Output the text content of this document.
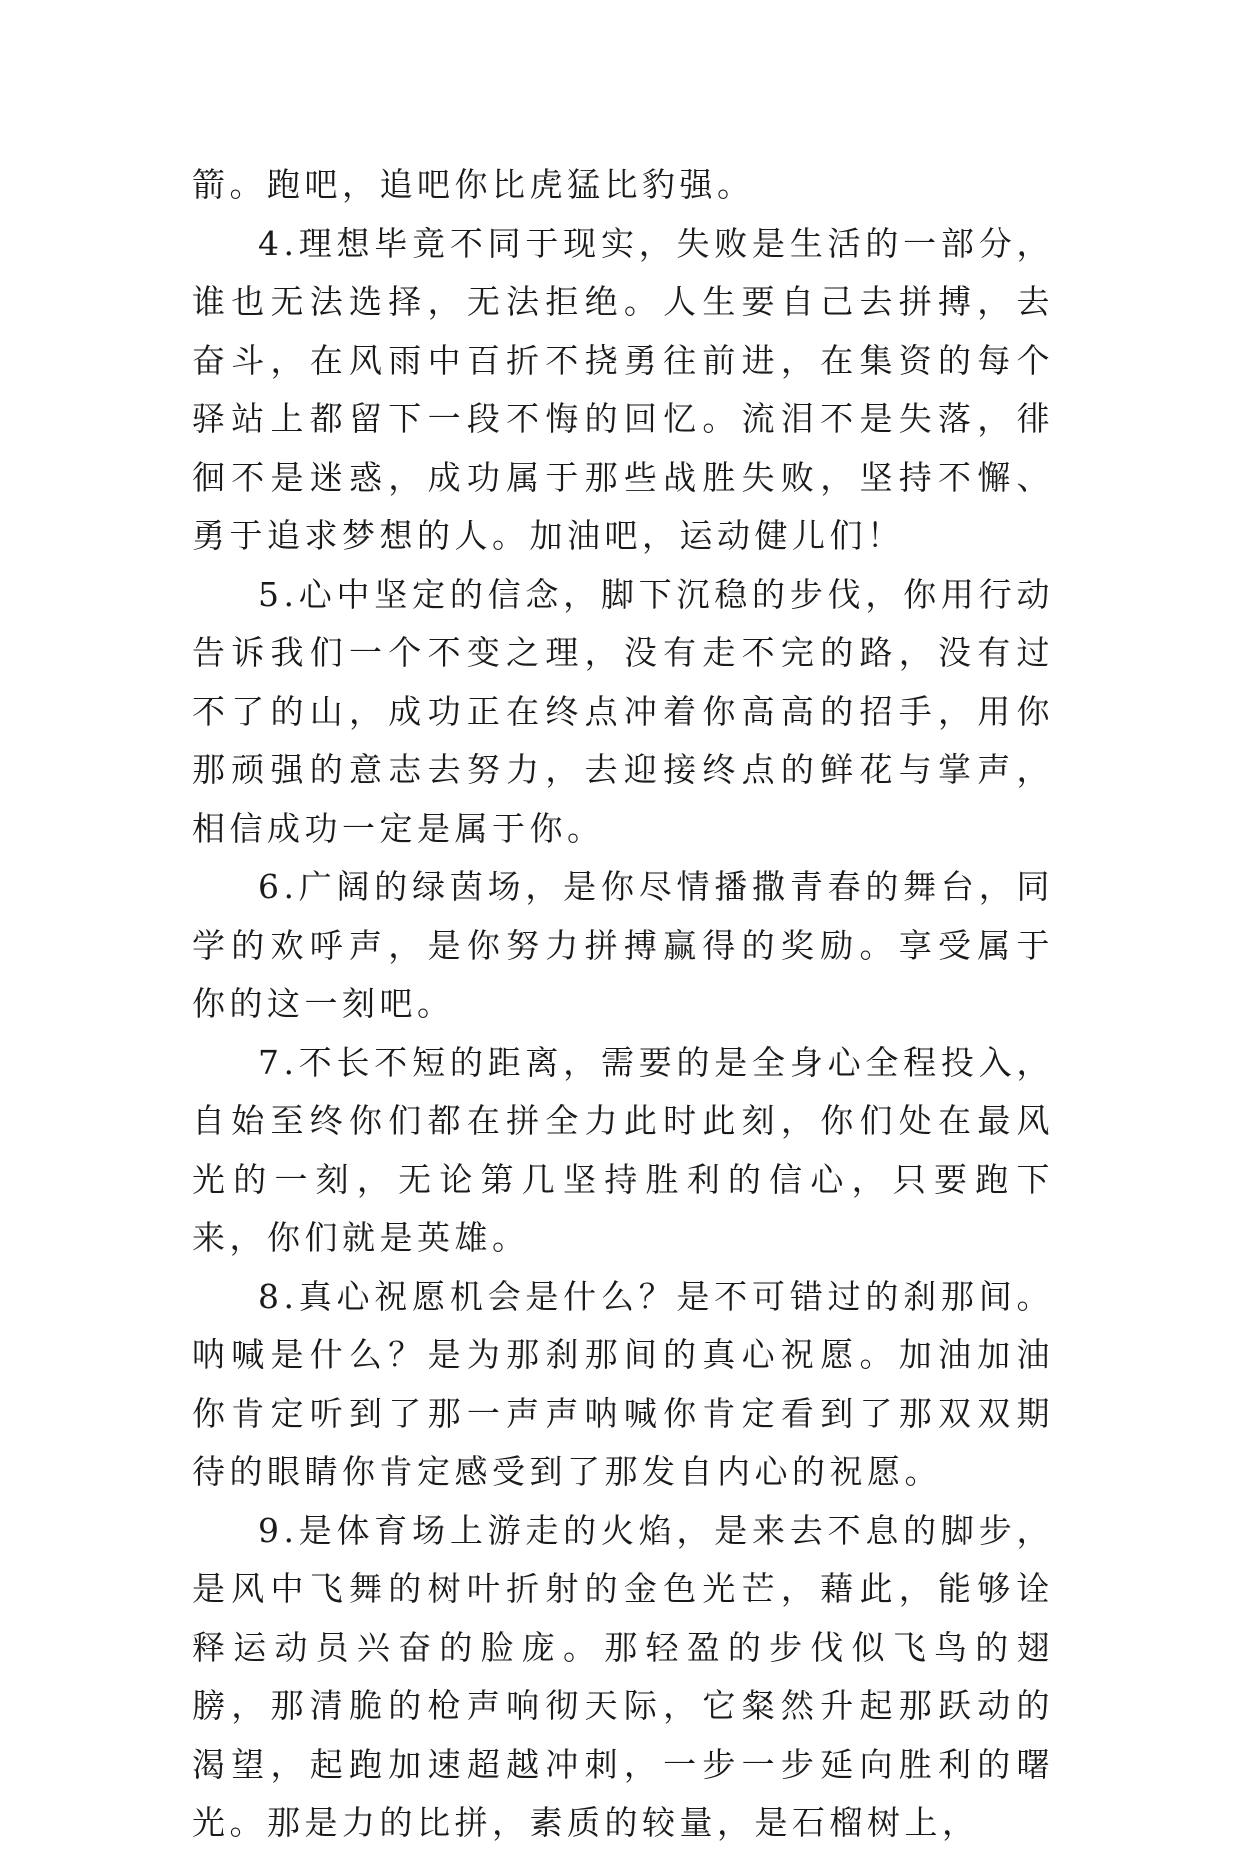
箭。跑吧，追吧你比虎猛比豹强。

4.理想毕竟不同于现实，失败是生活的一部分，谁也无法选择，无法拒绝。人生要自己去拼搏，去奋斗，在风雨中百折不挠勇往前进，在集资的每个驿站上都留下一段不悔的回忆。流泪不是失落，徘徊不是迷惑，成功属于那些战胜失败，坚持不懈、勇于追求梦想的人。加油吧，运动健儿们！

5.心中坚定的信念，脚下沉稳的步伐，你用行动告诉我们一个不变之理，没有走不完的路，没有过不了的山，成功正在终点冲着你高高的招手，用你那顽强的意志去努力，去迎接终点的鲜花与掌声，相信成功一定是属于你。

6.广阔的绿茵场，是你尽情播撒青春的舞台，同学的欢呼声，是你努力拼搏赢得的奖励。享受属于你的这一刻吧。

7.不长不短的距离，需要的是全身心全程投入，自始至终你们都在拼全力此时此刻，你们处在最风光的一刻，无论第几坚持胜利的信心，只要跑下来，你们就是英雄。

8.真心祝愿机会是什么？是不可错过的刹那间。呐喊是什么？是为那刹那间的真心祝愿。加油加油你肯定听到了那一声声呐喊你肯定看到了那双双期待的眼睛你肯定感受到了那发自内心的祝愿。

9.是体育场上游走的火焰，是来去不息的脚步，是风中飞舞的树叶折射的金色光芒，藉此，能够诠释运动员兴奋的脸庞。那轻盈的步伐似飞鸟的翅膀，那清脆的枪声响彻天际，它粲然升起那跃动的渴望，起跑加速超越冲刺，一步一步延向胜利的曙光。那是力的比拼，素质的较量，是石榴树上，
